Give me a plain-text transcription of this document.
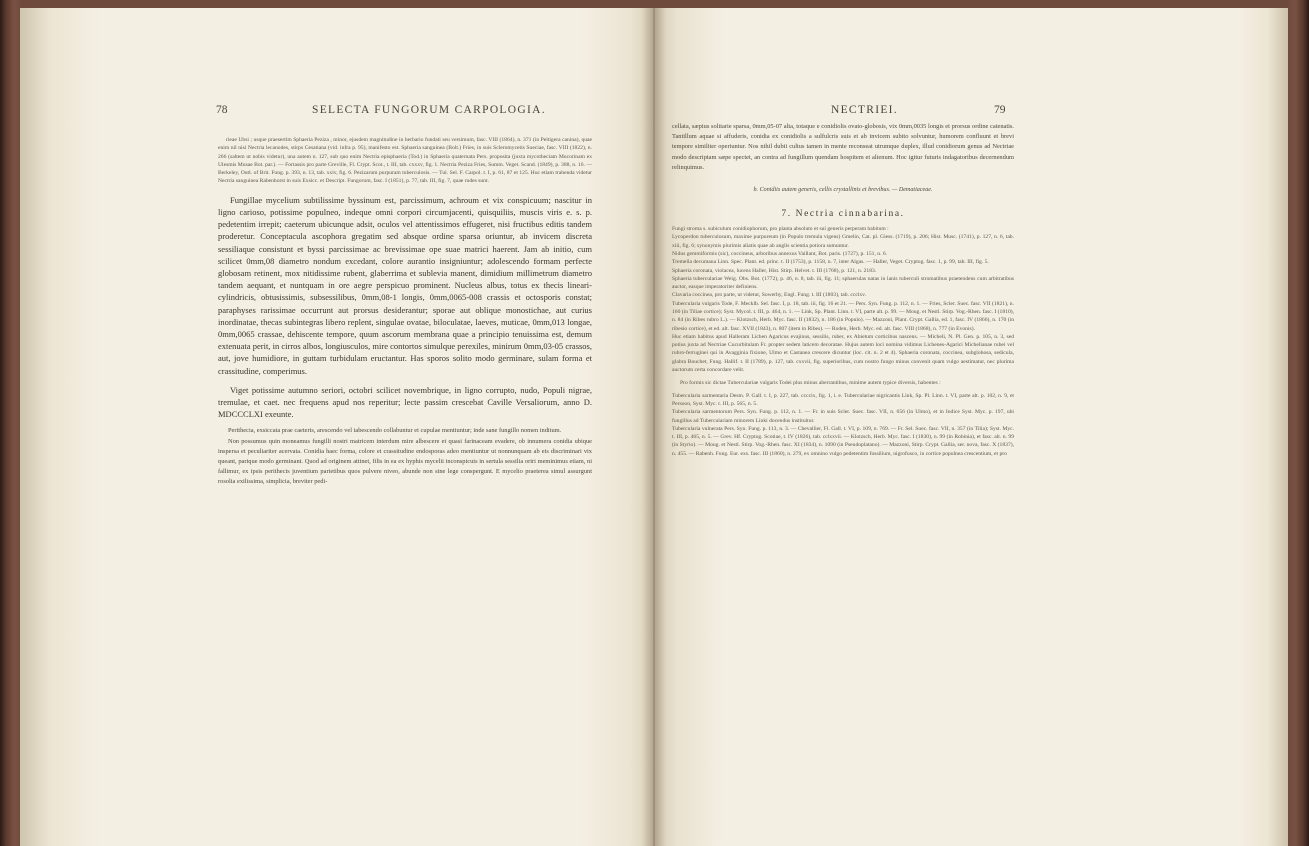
78	SELECTA FUNGORUM CARPOLOGIA.

rieae Ubsi ; usque praesertim Sphaeria Peziza , minor, ejusdem magnitudine in herbario fundati seu versimum, fasc. VIII (1864), n. 371 (in Peltigera canina), quae enim nil nisi Nectria lecanodes, stirps Cesatiana (vid. infra p. 95), manifesto est. Sphaeria sanguinea (Bolt.) Fries, in suis Scleromycetis Sueciae, fasc. VIII (1822), n. 266 (saltem ut nobis videtur), una autem n. 127, sub quo enim Nectria episphaeria (Tod.) in Sphaeria quaternata Pers. proposita (juxta mycotheciam Mucorinam ex Ulesmis Musae Bot. par.). — Fortassis pro parte Greville, Fl. Crypt. Scot., t. III, tab. cxxxv, fig. 1. Nectria Peziza Fries, Summ. Veget. Scand. (1849), p. 388, n. 16. — Berkeley, Outl. of Brit. Fung. p. 393, n. 13, tab. xxiv, fig. 6. Pezizarum purpuram tuberculosis. — Tul. Sel. F. Carpol. t. I, p. 61, 87 et 125. Huc etiam trahenda videtur Nectria sanguinea Rabenhorst in suis Exsicc. et Descript. Fungorum, fasc. I (1851), p. 77, tab. III, fig. 7, quae rudes sunt.

Fungillae mycelium subtilissime byssinum est, parcissimum, achroum et vix conspicuum; nascitur in ligno carioso, potissime populneo, indeque omni corpori circumjacenti, quisquiliis, muscis viris e. s. p. pedetentim irrepit; caeterum ubicunque adsit, oculos vel attentissimos effugeret, nisi fructibus editis tandem proderetur. Conceptacula ascophora gregatim sed absque ordine sparsa oriuntur, ab invicem discreta sessiliaque consistunt et byssi parcissimae ac brevissimae ope suae matrici haerent. Jam ab initio, cum scilicet 0mm,08 diametro nondum excedant, colore aurantio insigniuntur; adolescendo formam perfecte globosam retinent, mox nitidissime rubent, glaberrima et sublevia manent, dimidium millimetrum diametro tandem aequant, et nuntquam in ore aegre perspicuo prominent. Nucleus albus, totus ex thecis lineari-cylindricis, obtusissimis, subsessilibus, 0mm,08-1 longis, 0mm,0065-008 crassis et octosporis constat; paraphyses rarissimae occurrunt aut prorsus desiderantur; sporae aut oblique monostichae, aut curius inordinatae, thecas subintegras libero replent, singulae ovatae, biloculatae, laeves, muticae, 0mm,013 longae, 0mm,0065 crassae, dehiscente tempore, quum ascorum membrana quae a principio tenuissima est, demum extenuata perit, in cirros albos, longiusculos, mire contortos simulque perexiles, minirum 0mm,03-05 crassos, aut, jove humidiore, in guttam turbidulam eructantur. Has sporos solito modo germinare, sulam forma et crassitudine, comperimus.

Viget potissime autumno seriori, octobri scilicet novembrique, in ligno corrupto, nudo, Populi nigrae, tremulae, et caet. nec frequens apud nos reperitur; lecte passim crescebat Caville Versaliorum, anno D. MDCCCLXI exeunte.

Perithecia, exsiccata prae caeteris, arescendo vel tabescendo collabuntur et cupulae mentiuntur; inde sane fungillo nomen inditum.

Non possumus quin moneamus fungilli nostri matricem interdum mire albescere et quasi farinaceam evadere, ob innumera conidia ubique inspersa et peculiariter acervata. Conidia haec forma, colore et crassitudine endosporas adeo mentiuntur ut nonnunquam ab eis discriminari vix queant, parique modo germinant. Quod ad originem attinet, filis in ea ex hyphis mycelii inconspicuis in sertula sessilia oriri meminimus etiam, ni fallimur, ex ipsis perithecis juventium parietibus quos pulvere niveo, abunde non sine lege conspergunt. E mycelio praeterea simul assurgunt rosolia exilissima, simplicia, breviter pedi-

NECTRIEI.	79

cellata, sæpius solitarie sparsa, 0mm,05-07 alta, totaque e conidiolis ovato-globosis, vix 0mm,0035 longis et prorsus ordine catenatis. Tantillum aquae si affuderis, conidia ex conidiolis a sulfulcris suis et ab invicem subito solvuntur, humorem confluunt et brevi tempore similiter operiuntur. Nos nihil dubii cultus tamen in mente reconseat utrumque duplex, illud conidiorum genus ad Nectriae modo descriptam sæpe spectet, an contra ad fungillum quendam hospitem et alienum. Hoc igitur futuris indagatoribus decernendum relinquimus.

b. Conidiis autem generis, cellis crystallinis et brevibus. — Dematiaceae.
7. Nectria cinnabarina.

Fungi stroma s. subiculum conidiophorum, pro planta absoluto et sui generis perperam habitum :

Lycoperdon tuberculosum, maxime purpureum (in Populo tremula vigens) Gmelin, Cat. pl. Giess. (1719), p. 206; Hist. Musc. (1741), p. 127, n. 6, tab. xiii, fig. 6; synonymis plurimis aliatis quae ab anglis scientia potiora sumuntur.

Nidus gemmiformis (sic), coccineus, arboribus annexus Vaillant, Bot. paris. (1727), p. 151, n. 6.

Tremella decumana Linn. Spec. Plant. ed. princ. t. II (1753), p. 1158, n. 7, inter Algas. — Haller, Veget. Cryptog. fasc. 1, p. 99, tab. III, fig. 5.

Sphaeria coronata, violacea, lucens Haller, Hist. Stirp. Helvet. t. III (1768), p. 121, n. 2183.

Sphaeria tuberculariae Weig. Obs. Bot. (1772), p. 46, n. 8, tab. iii, fig. 11; sphaerulas natas in lanis tuberculi stromatibus praetendens cum arbitratibus auctor, easque imperatoriter definiens.

Clavaria coccinea, pro parte, ut videtur, Sowerby, Engl. Fung. t. III (1803), tab. ccclxv.

Tubercularia vulgaris Tode, F. Mecklb. Sel. fasc. I, p. 18, tab. iii, fig. 16 et 21. — Pers. Syn. Fung. p. 112, n. 1. — Fries, Scler. Suec. fasc. VII (1821), n. 160 (in Tiliae cortice); Syst. Mycol. t. III, p. 464, n. 1. — Link, Sp. Plant. Linn. t. VI, parte alt. p. 99. — Moug. et Nestl. Stirp. Vog.-Rhen. fasc. I (1810), n. 84 (in Ribes rubro L.). — Klotzsch, Herb. Myc. fasc. II (1832), n. 186 (in Populo). — Mazzoni, Plant. Crypt. Gallia, ed. 1, fasc. IV (1866), n. 170 (in ribesio cortice), et ed. alt. fasc. XVII (1843), n. 807 (item in Ribes). — Roden, Herb. Myc. ed. alt. fasc. VIII (1868), n. 777 (in Evonis).

Huc etiam habitus apud Halleram Lichen Agaricus evajinus, sessilis, ruber, ex Abietum corticibus nascens. — Micheli, N. Pl. Gen. p. 105, n. 3, sed potius juxta ad Nectriae Cucurbitulam Fr. propter sedem laticem decoratae. Hujus autem loci nomina vidimus Lichenes-Agarici Michelianae rubei vel rubro-ferruginei qui in Avagginia fixione, Ulmo et Castanea crescere dicuntur (loc. cit. n. 2 et 4). Sphaeria coronata, coccinea, subglobosa, sedicula, glabra Bouchet, Fung. Hallif. t. II (1789), p. 127, tab. cxxvii, fig. superioribus, cum nostro fungo minus convenit quam vulgo aestimatur, nec plurima auctorum certa concordare velit.

Pro formis sic dictae Tuberculariae vulgaris Todei plus minus aberrantibus, minime autem typice diversis, habentes :

Tubercularia sarmentaria Desm. P. Gall. t. I, p. 227, tab. ccccix, fig. 1, i. e. Tuberculariae nigricantis Link, Sp. Pl. Linn. t. VI, parte alt. p. 102, n. 9, et Persoon, Syst. Myc. t. III, p. 565, n. 5.

Tubercularia sarmentorum Pers. Syn. Fung. p. 112, n. 1. — Fr. in suis Scler. Suec. fasc. VII, n. 656 (in Ulmo), et in Indice Syst. Myc. p. 197, ubi fungillus ad Tuberculariam minorem Linki docendus instituitur.

Tubercularia vulnerata Pers. Syn. Fung. p. 113, n. 3. — Chevallier, Fl. Gall. t. VI, p. 109, n. 769. — Fr. Sel. Suec. fasc. VII, n. 357 (in Tilia); Syst. Myc. t. III, p. 465, n. 5. — Grev. Hf. Cryptog. Scotiae, t. IV (1826), tab. cclxxvii. — Klotzsch, Herb. Myc. fasc. I (1830), n. 99 (in Robinia), et fasc. alt. n. 99 (in Styrio). — Moug. et Nestl. Stirp. Vog.-Rhen. fasc. XI (1834), n. 1090 (in Pseudoplatano). — Mazzoni, Stirp. Crypt. Gallia, ser. nova, fasc. X (1837), n. 455. — Rabenh. Fung. Eur. exs. fasc. III (1860), n. 279, ex omnino vulgo pedetentim fossilium, nigrofusco, in cortice populnea crescentium, et pro
